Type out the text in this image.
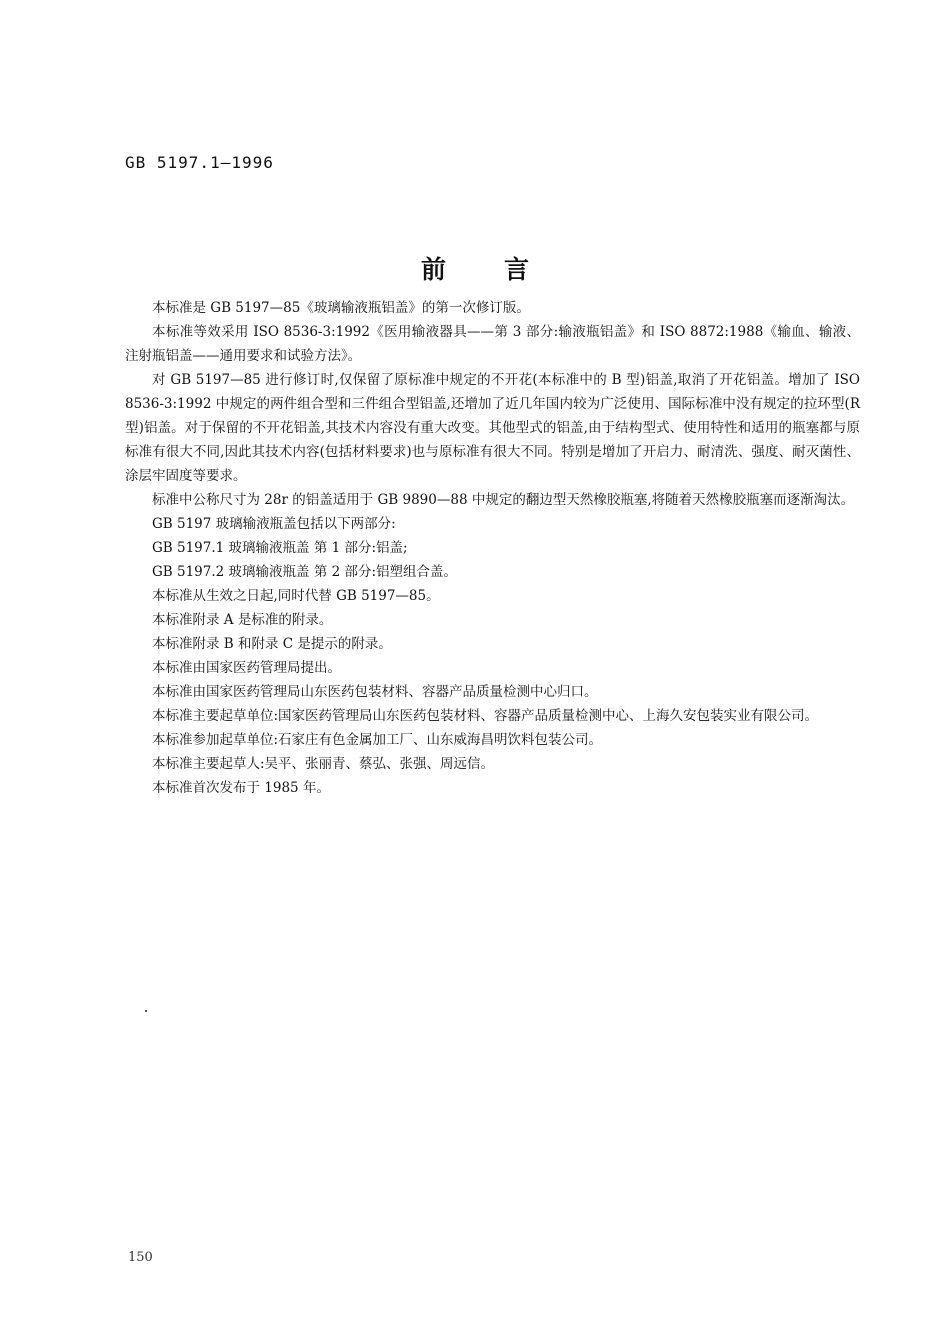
GB 5197.1—1996
前言

本标准是 GB 5197—85《玻璃输液瓶铝盖》的第一次修订版。

本标准等效采用 ISO 8536-3:1992《医用输液器具——第 3 部分:输液瓶铝盖》和 ISO 8872:1988《输血、输液、注射瓶铝盖——通用要求和试验方法》。

对 GB 5197—85 进行修订时,仅保留了原标准中规定的不开花(本标准中的 B 型)铝盖,取消了开花铝盖。增加了 ISO 8536-3:1992 中规定的两件组合型和三件组合型铝盖,还增加了近几年国内较为广泛使用、国际标准中没有规定的拉环型(R 型)铝盖。对于保留的不开花铝盖,其技术内容没有重大改变。其他型式的铝盖,由于结构型式、使用特性和适用的瓶塞都与原标准有很大不同,因此其技术内容(包括材料要求)也与原标准有很大不同。特别是增加了开启力、耐清洗、强度、耐灭菌性、涂层牢固度等要求。

标准中公称尺寸为 28r 的铝盖适用于 GB 9890—88 中规定的翻边型天然橡胶瓶塞,将随着天然橡胶瓶塞而逐渐淘汰。

GB 5197 玻璃输液瓶盖包括以下两部分:

GB 5197.1 玻璃输液瓶盖 第 1 部分:铝盖;

GB 5197.2 玻璃输液瓶盖 第 2 部分:铝塑组合盖。

本标准从生效之日起,同时代替 GB 5197—85。

本标准附录 A 是标准的附录。

本标准附录 B 和附录 C 是提示的附录。

本标准由国家医药管理局提出。

本标准由国家医药管理局山东医药包装材料、容器产品质量检测中心归口。

本标准主要起草单位:国家医药管理局山东医药包装材料、容器产品质量检测中心、上海久安包装实业有限公司。

本标准参加起草单位:石家庄有色金属加工厂、山东威海昌明饮料包装公司。

本标准主要起草人:吴平、张丽青、蔡弘、张强、周远信。

本标准首次发布于 1985 年。

150
